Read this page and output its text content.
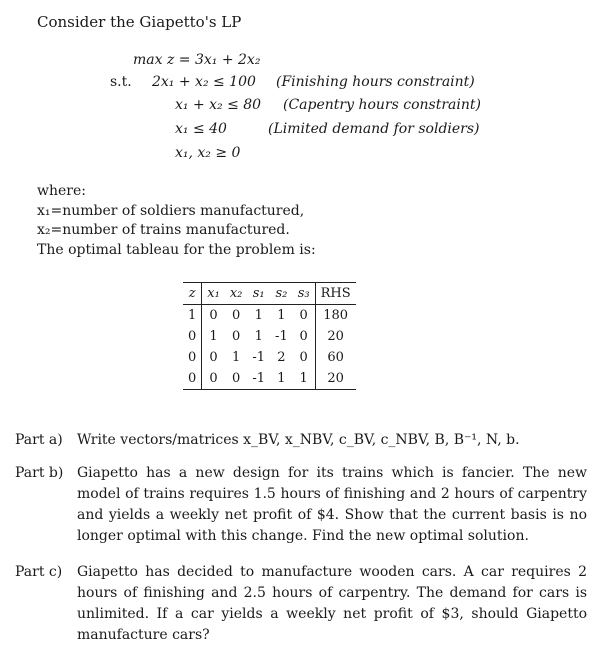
Consider the Giapetto's LP
max z = 3x₁ + 2x₂
s.t. 2x₁ + x₂ ≤ 100 (Finishing hours constraint)
x₁ + x₂ ≤ 80 (Capentry hours constraint)
x₁ ≤ 40	(Limited demand for soldiers)
x₁, x₂ ≥ 0
where:
x₁=number of soldiers manufactured,
x₂=number of trains manufactured.
The optimal tableau for the problem is:
z	x₁	x₂	s₁	s₂	s₃	RHS
1	0	0	1	1	0	180
0	1	0	1	-1	0	20
0	0	1	-1	2	0	60
0	0	0	-1	1	1	20
Part a) Write vectors/matrices x_BV, x_NBV, c_BV, c_NBV, B, B⁻¹, N, b.
Part b) Giapetto has a new design for its trains which is fancier. The new model of trains requires 1.5 hours of finishing and 2 hours of carpentry and yields a weekly net profit of $4. Show that the current basis is no longer optimal with this change. Find the new optimal solution.
Part c) Giapetto has decided to manufacture wooden cars. A car requires 2 hours of finishing and 2.5 hours of carpentry. The demand for cars is unlimited. If a car yields a weekly net profit of $3, should Giapetto manufacture cars?
